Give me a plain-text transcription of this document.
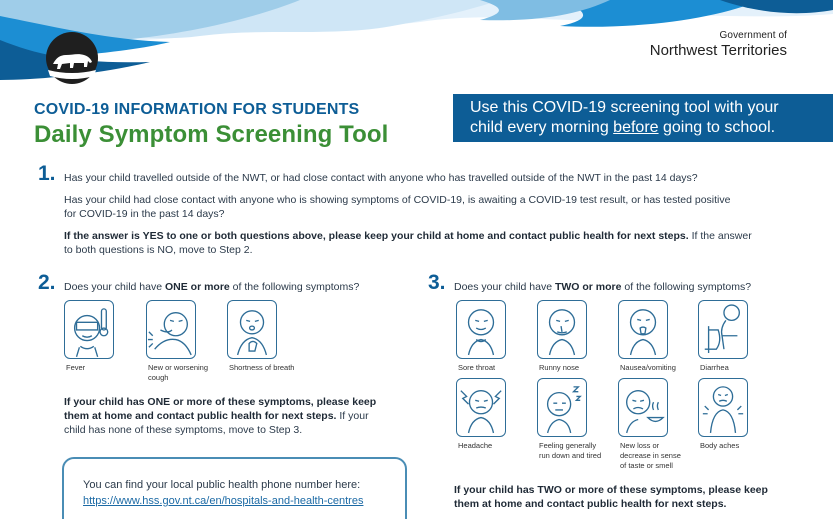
Government of
Northwest Territories
COVID-19 INFORMATION FOR STUDENTS
Daily Symptom Screening Tool
Use this COVID-19 screening tool with your
child every morning before going to school.
1. Has your child travelled outside of the NWT, or had close contact with anyone who has travelled outside of the NWT in the past 14 days?
Has your child had close contact with anyone who is showing symptoms of COVID-19, is awaiting a COVID-19 test result, or has tested positive
for COVID-19 in the past 14 days?
If the answer is YES to one or both questions above, please keep your child at home and contact public health for next steps. If the answer
to both questions is NO, move to Step 2.
2. Does your child have ONE or more of the following symptoms?
Fever	New or worsening
cough
Shortness of breath
If your child has ONE or more of these symptoms, please keep
them at home and contact public health for next steps. If your
child has none of these symptoms, move to Step 3.
You can find your local public health phone number here:
https://www.hss.gov.nt.ca/en/hospitals-and-health-centres
3. Does your child have TWO or more of the following symptoms?
Sore throat	Runny nose	Nausea/vomiting	Diarrhea
Headache	Feeling generally
run down and tired
New loss or
decrease in sense
of taste or smell
Body aches
If your child has TWO or more of these symptoms, please keep
them at home and contact public health for next steps.
